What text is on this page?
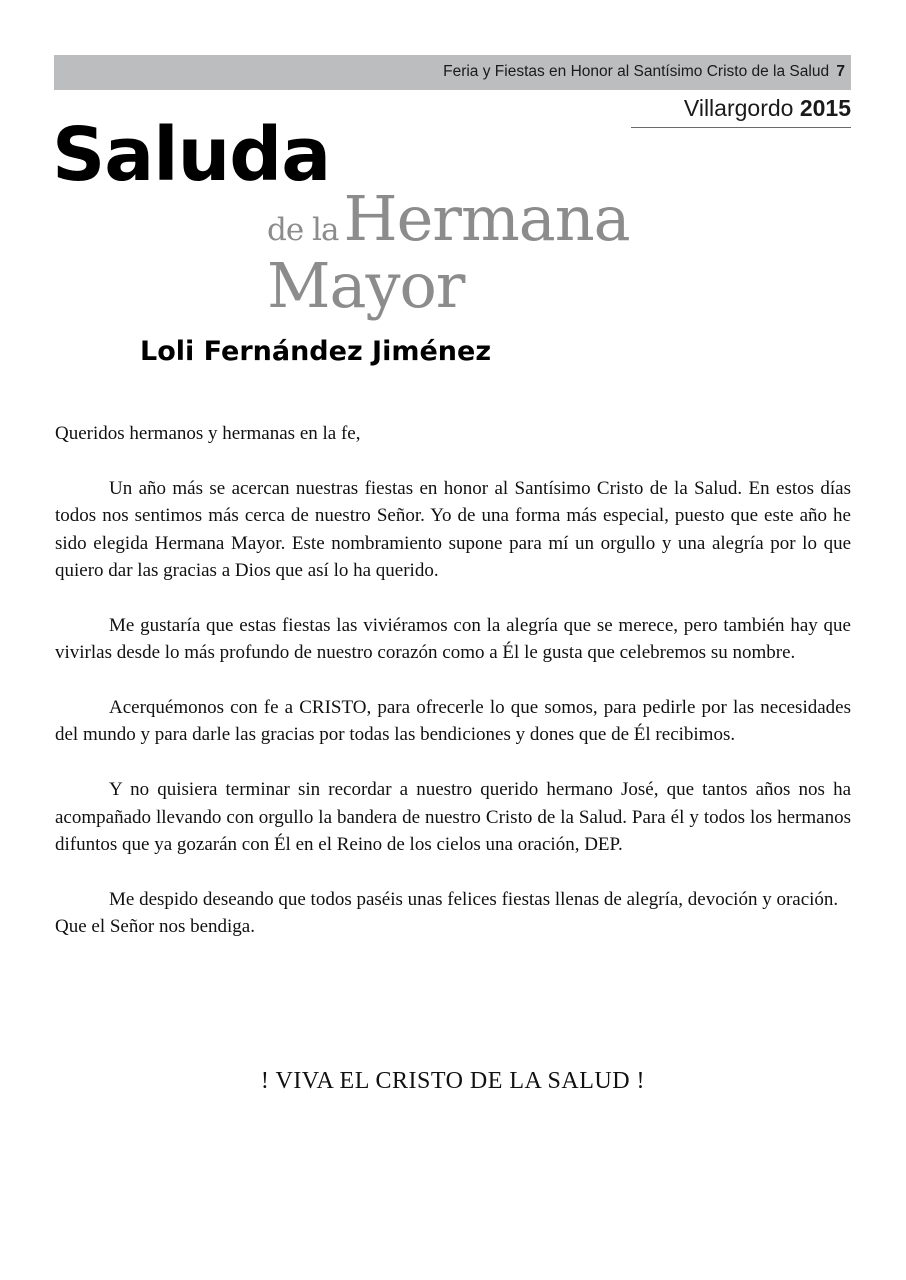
Feria y Fiestas en Honor al Santísimo Cristo de la Salud 7
Villargordo 2015
Saluda
de la Hermana
Mayor
Loli Fernández Jiménez

Queridos hermanos y hermanas en la fe,

Un año más se acercan nuestras fiestas en honor al Santísimo Cristo de la Salud. En estos días todos nos sentimos más cerca de nuestro Señor. Yo de una forma más especial, puesto que este año he sido elegida Hermana Mayor. Este nombramiento supone para mí un orgullo y una alegría por lo que quiero dar las gracias a Dios que así lo ha querido.

Me gustaría que estas fiestas las viviéramos con la alegría que se merece, pero también hay que vivirlas desde lo más profundo de nuestro corazón como a Él le gusta que celebremos su nombre.

Acerquémonos con fe a CRISTO, para ofrecerle lo que somos, para pedirle por las necesidades del mundo y para darle las gracias por todas las bendiciones y dones que de Él recibimos.

Y no quisiera terminar sin recordar a nuestro querido hermano José, que tantos años nos ha acompañado llevando con orgullo la bandera de nuestro Cristo de la Salud. Para él y todos los hermanos difuntos que ya gozarán con Él en el Reino de los cielos una oración, DEP.

Me despido deseando que todos paséis unas felices fiestas llenas de alegría, devoción y oración.

Que el Señor nos bendiga.

! VIVA EL CRISTO DE LA SALUD !
